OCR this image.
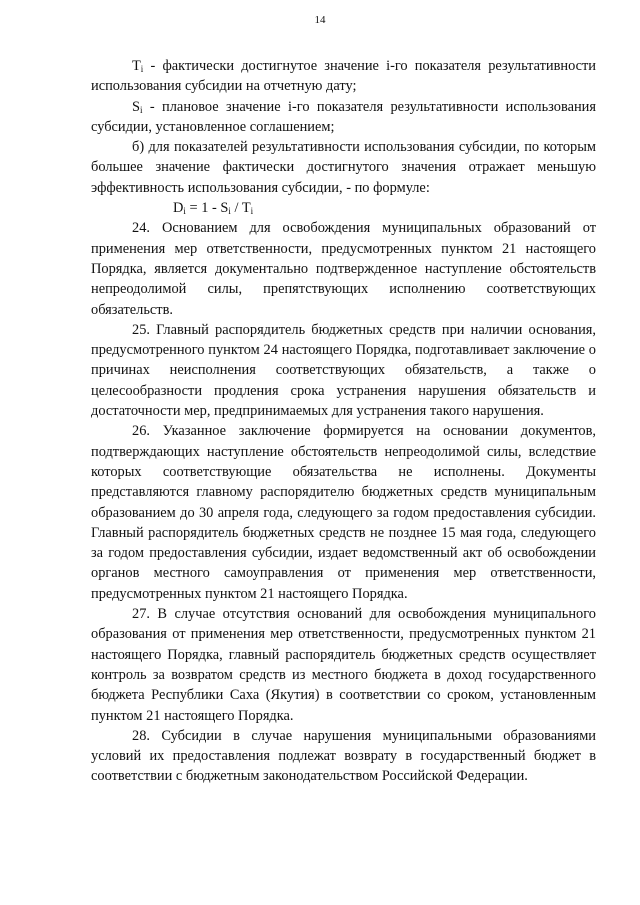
14

$T_i$ - фактически достигнутое значение i-го показателя результативности использования субсидии на отчетную дату;

$S_i$ - плановое значение i-го показателя результативности использования субсидии, установленное соглашением;

б) для показателей результативности использования субсидии, по которым большее значение фактически достигнутого значения отражает меньшую эффективность использования субсидии, - по формуле:

$D_i = 1 - S_i / T_i$

24. Основанием для освобождения муниципальных образований от применения мер ответственности, предусмотренных пунктом 21 настоящего Порядка, является документально подтвержденное наступление обстоятельств непреодолимой силы, препятствующих исполнению соответствующих обязательств.

25. Главный распорядитель бюджетных средств при наличии основания, предусмотренного пунктом 24 настоящего Порядка, подготавливает заключение о причинах неисполнения соответствующих обязательств, а также о целесообразности продления срока устранения нарушения обязательств и достаточности мер, предпринимаемых для устранения такого нарушения.

26. Указанное заключение формируется на основании документов, подтверждающих наступление обстоятельств непреодолимой силы, вследствие которых соответствующие обязательства не исполнены. Документы представляются главному распорядителю бюджетных средств муниципальным образованием до 30 апреля года, следующего за годом предоставления субсидии. Главный распорядитель бюджетных средств не позднее 15 мая года, следующего за годом предоставления субсидии, издает ведомственный акт об освобождении органов местного самоуправления от применения мер ответственности, предусмотренных пунктом 21 настоящего Порядка.

27. В случае отсутствия оснований для освобождения муниципального образования от применения мер ответственности, предусмотренных пунктом 21 настоящего Порядка, главный распорядитель бюджетных средств осуществляет контроль за возвратом средств из местного бюджета в доход государственного бюджета Республики Саха (Якутия) в соответствии со сроком, установленным пунктом 21 настоящего Порядка.

28. Субсидии в случае нарушения муниципальными образованиями условий их предоставления подлежат возврату в государственный бюджет в соответствии с бюджетным законодательством Российской Федерации.
